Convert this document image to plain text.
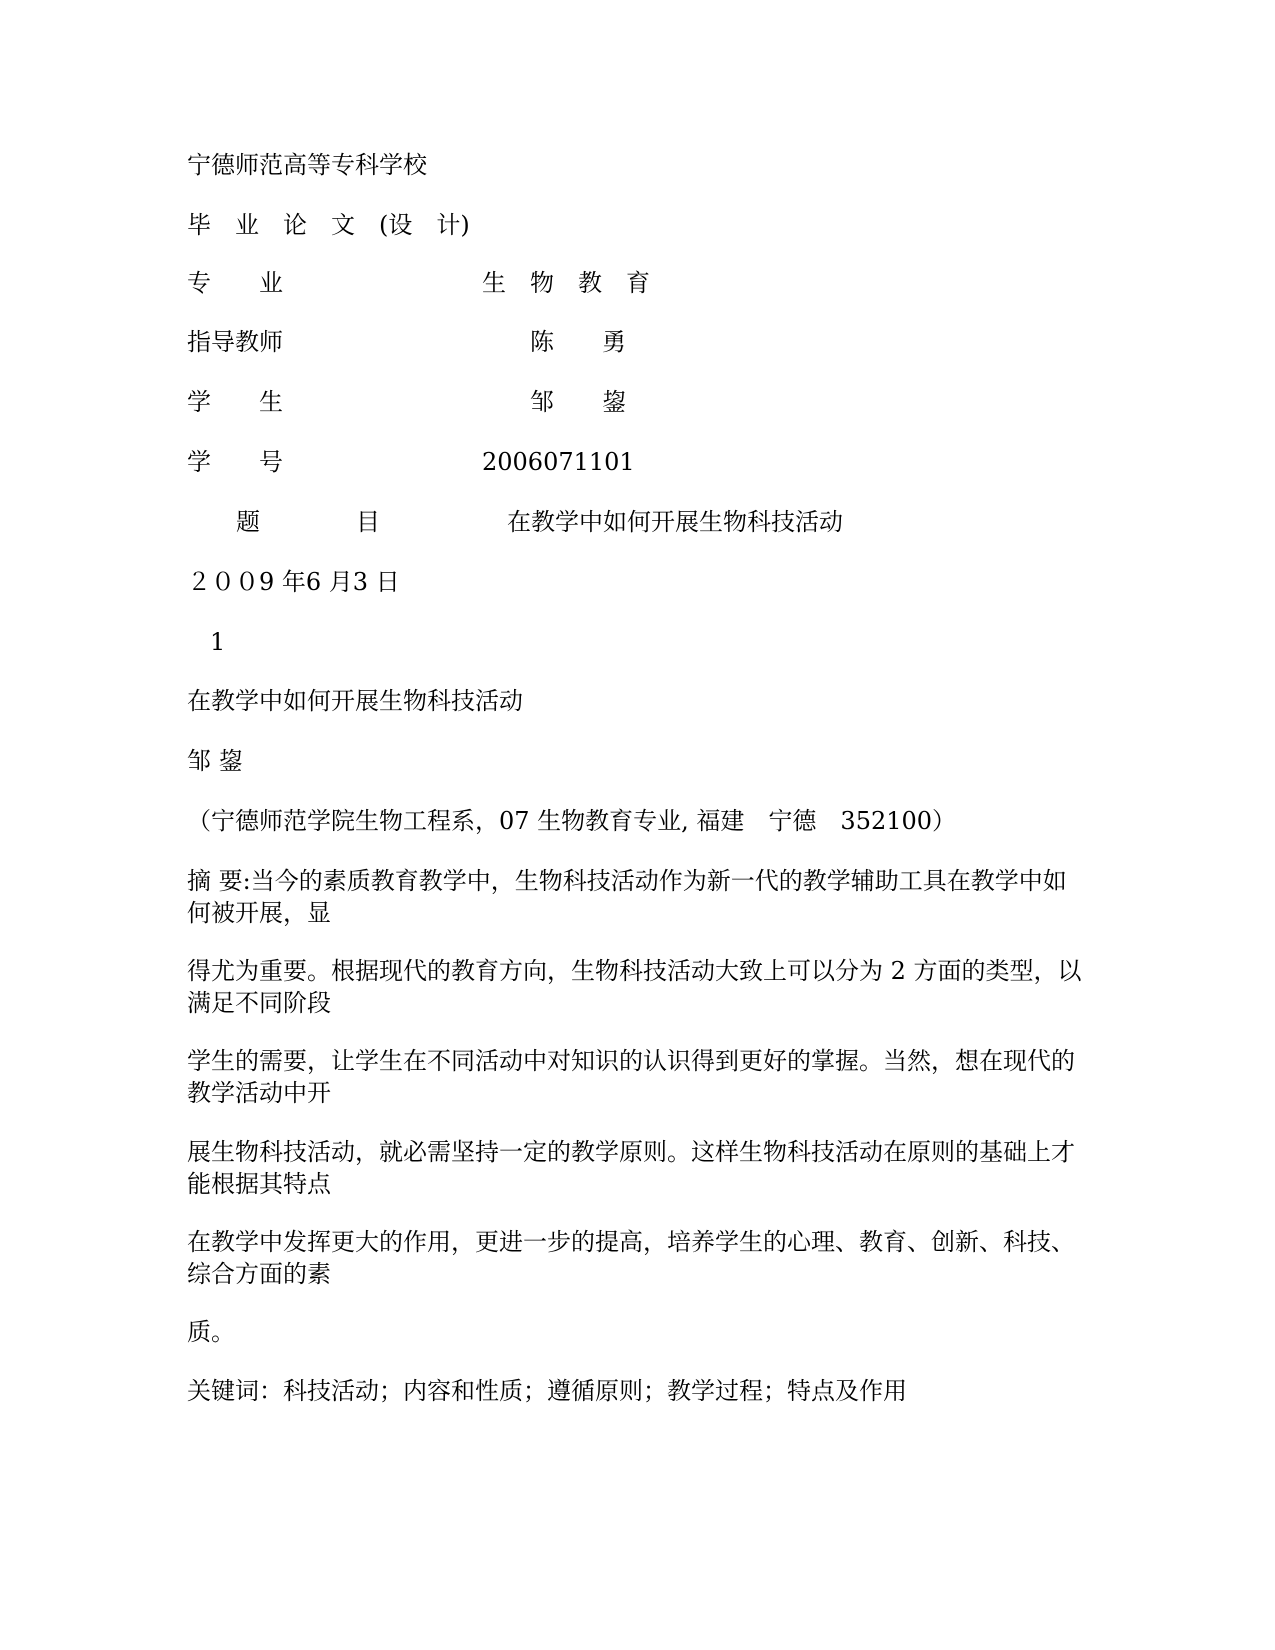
宁德师范高等专科学校
毕　业　论　文　(设　计)
专　　业	生　物　教　育
指导教师	陈　　勇
学　　生	邹　　鋆
学　　号	2006071101
题　　　　目	在教学中如何开展生物科技活动
２００9 年6 月3 日
1
在教学中如何开展生物科技活动
邹 鋆
（宁德师范学院生物工程系，07 生物教育专业, 福建　宁德　352100）
摘 要:当今的素质教育教学中，生物科技活动作为新一代的教学辅助工具在教学中如何被开展，显
得尤为重要。根据现代的教育方向，生物科技活动大致上可以分为 2 方面的类型，以满足不同阶段
学生的需要，让学生在不同活动中对知识的认识得到更好的掌握。当然，想在现代的教学活动中开
展生物科技活动，就必需坚持一定的教学原则。这样生物科技活动在原则的基础上才能根据其特点
在教学中发挥更大的作用，更进一步的提高，培养学生的心理、教育、创新、科技、综合方面的素
质。
关键词：科技活动；内容和性质；遵循原则；教学过程；特点及作用
